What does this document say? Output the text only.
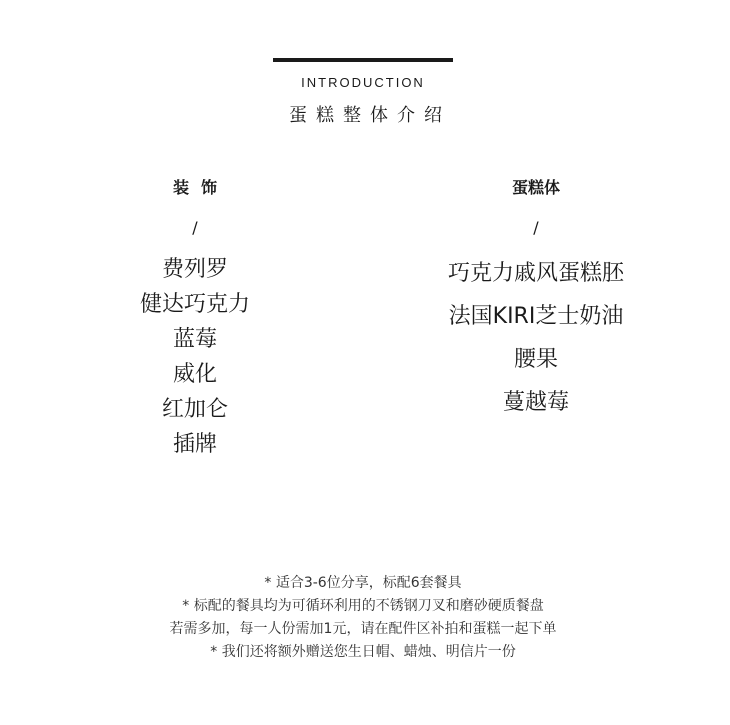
INTRODUCTION
蛋糕整体介绍
装饰
/
费列罗
健达巧克力
蓝莓
威化
红加仑
插牌
蛋糕体
/
巧克力戚风蛋糕胚
法国KIRI芝士奶油
腰果
蔓越莓
* 适合3-6位分享，标配6套餐具
* 标配的餐具均为可循环利用的不锈钢刀叉和磨砂硬质餐盘
若需多加，每一人份需加1元，请在配件区补拍和蛋糕一起下单
* 我们还将额外赠送您生日帽、蜡烛、明信片一份
